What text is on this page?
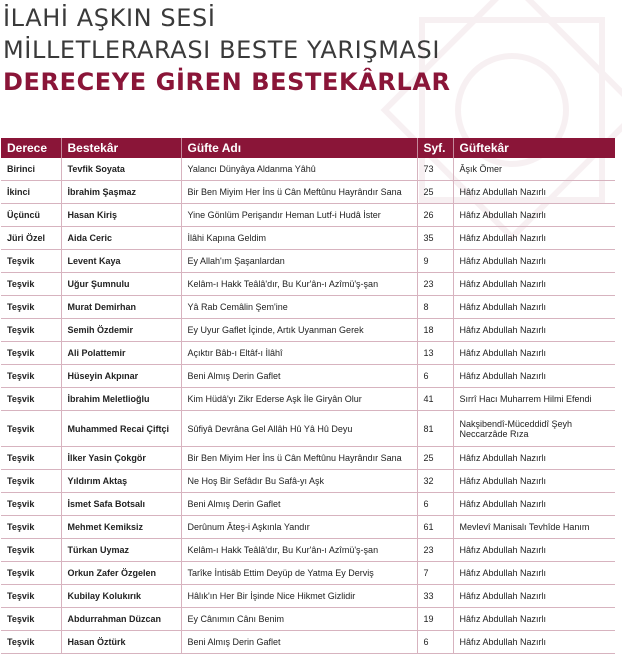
İLAHİ AŞKIN SESİ
MİLLETLERARASI BESTE YARIŞMASI
DERECEYE GİREN BESTEKÂRLAR
Derece	Bestekâr	Güfte Adı	Syf.	Güftekâr
Birinci	Tevfik Soyata	Yalancı Dünyâya Aldanma Yâhû	73	Âşık Ömer
İkinci	İbrahim Şaşmaz	Bir Ben Miyim Her İns ü Cân Meftûnu Hayrândır Sana	25	Hâfız Abdullah Nazırlı
Üçüncü	Hasan Kiriş	Yine Gönlüm Perişandır Heman Lutf-i Hudâ İster	26	Hâfız Abdullah Nazırlı
Jüri Özel	Aida Ceric	İlâhi Kapına Geldim	35	Hâfız Abdullah Nazırlı
Teşvik	Levent Kaya	Ey Allah'ım Şaşanlardan	9	Hâfız Abdullah Nazırlı
Teşvik	Uğur Şumnulu	Kelâm-ı Hakk Teâlâ'dır, Bu Kur'ân-ı Azîmü'ş-şan	23	Hâfız Abdullah Nazırlı
Teşvik	Murat Demirhan	Yâ Rab Cemâlin Şem'ine	8	Hâfız Abdullah Nazırlı
Teşvik	Semih Özdemir	Ey Uyur Gaflet İçinde, Artık Uyanman Gerek	18	Hâfız Abdullah Nazırlı
Teşvik	Ali Polattemir	Açıktır Bâb-ı Eltâf-ı İlâhî	13	Hâfız Abdullah Nazırlı
Teşvik	Hüseyin Akpınar	Beni Almış Derin Gaflet	6	Hâfız Abdullah Nazırlı
Teşvik	İbrahim Meletlioğlu	Kim Hüdâ'yı Zikr Ederse Aşk İle Giryân Olur	41	Sırrî Hacı Muharrem Hilmi Efendi
Teşvik	Muhammed Recai Çiftçi	Sûfiyâ Devrâna Gel Allâh Hû Yâ Hû Deyu	81	Nakşibendî-Müceddidî Şeyh Neccarzâde Rıza
Teşvik	İlker Yasin Çokgör	Bir Ben Miyim Her İns ü Cân Meftûnu Hayrândır Sana	25	Hâfız Abdullah Nazırlı
Teşvik	Yıldırım Aktaş	Ne Hoş Bir Sefâdır Bu Safâ-yı Aşk	32	Hâfız Abdullah Nazırlı
Teşvik	İsmet Safa Botsalı	Beni Almış Derin Gaflet	6	Hâfız Abdullah Nazırlı
Teşvik	Mehmet Kemiksiz	Derûnum Âteş-i Aşkınla Yandır	61	Mevlevî Manisalı Tevhîde Hanım
Teşvik	Türkan Uymaz	Kelâm-ı Hakk Teâlâ'dır, Bu Kur'ân-ı Azîmü'ş-şan	23	Hâfız Abdullah Nazırlı
Teşvik	Orkun Zafer Özgelen	Tarîke İntisâb Ettim Deyüp de Yatma Ey Derviş	7	Hâfız Abdullah Nazırlı
Teşvik	Kubilay Kolukırık	Hâlık'ın Her Bir İşinde Nice Hikmet Gizlidir	33	Hâfız Abdullah Nazırlı
Teşvik	Abdurrahman Düzcan	Ey Cânımın Cânı Benim	19	Hâfız Abdullah Nazırlı
Teşvik	Hasan Öztürk	Beni Almış Derin Gaflet	6	Hâfız Abdullah Nazırlı
